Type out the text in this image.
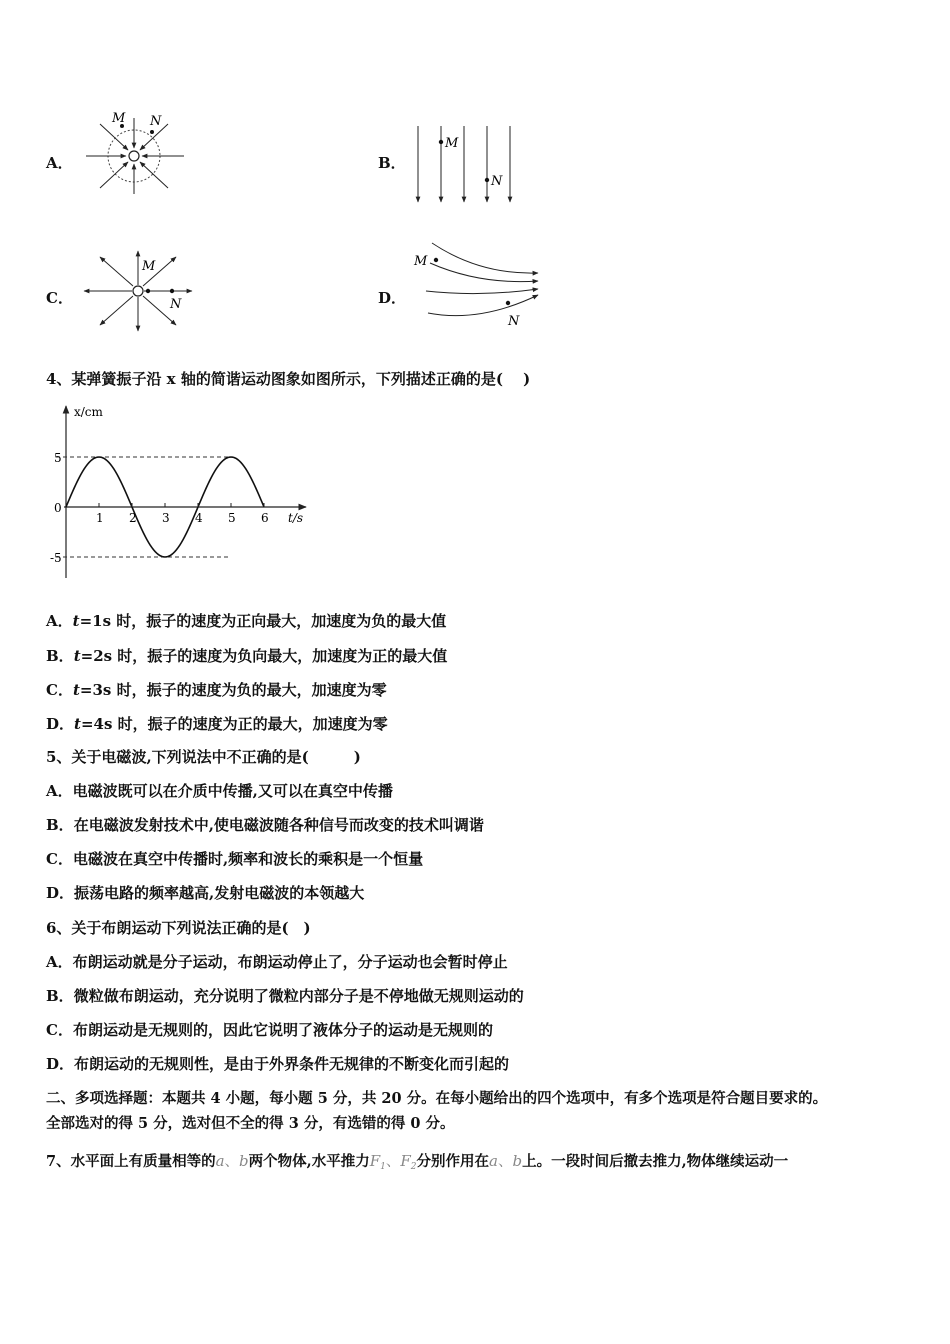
A．
M N
B．
M
N
C．
M
N	D．
M
N
4、某弹簧振子沿 x 轴的简谐运动图象如图所示，下列描述正确的是(　 )
x/cm
t/s
0
5
-5
1 2 3 4 5 6
A．t=1s 时，振子的速度为正向最大，加速度为负的最大值
B．t=2s 时，振子的速度为负向最大，加速度为正的最大值
C．t=3s 时，振子的速度为负的最大，加速度为零
D．t=4s 时，振子的速度为正的最大，加速度为零
5、关于电磁波,下列说法中不正确的是(　　　)
A．电磁波既可以在介质中传播,又可以在真空中传播
B．在电磁波发射技术中,使电磁波随各种信号而改变的技术叫调谐
C．电磁波在真空中传播时,频率和波长的乘积是一个恒量
D．振荡电路的频率越高,发射电磁波的本领越大
6、关于布朗运动下列说法正确的是(　)
A．布朗运动就是分子运动，布朗运动停止了，分子运动也会暂时停止
B．微粒做布朗运动，充分说明了微粒内部分子是不停地做无规则运动的
C．布朗运动是无规则的，因此它说明了液体分子的运动是无规则的
D．布朗运动的无规则性，是由于外界条件无规律的不断变化而引起的
二、多项选择题：本题共 4 小题，每小题 5 分，共 20 分。在每小题给出的四个选项中，有多个选项是符合题目要求的。
全部选对的得 5 分，选对但不全的得 3 分，有选错的得 0 分。
7、水平面上有质量相等的a、b两个物体,水平推力$F_1$、$F_2$分别作用在a、b上。一段时间后撤去推力,物体继续运动一
